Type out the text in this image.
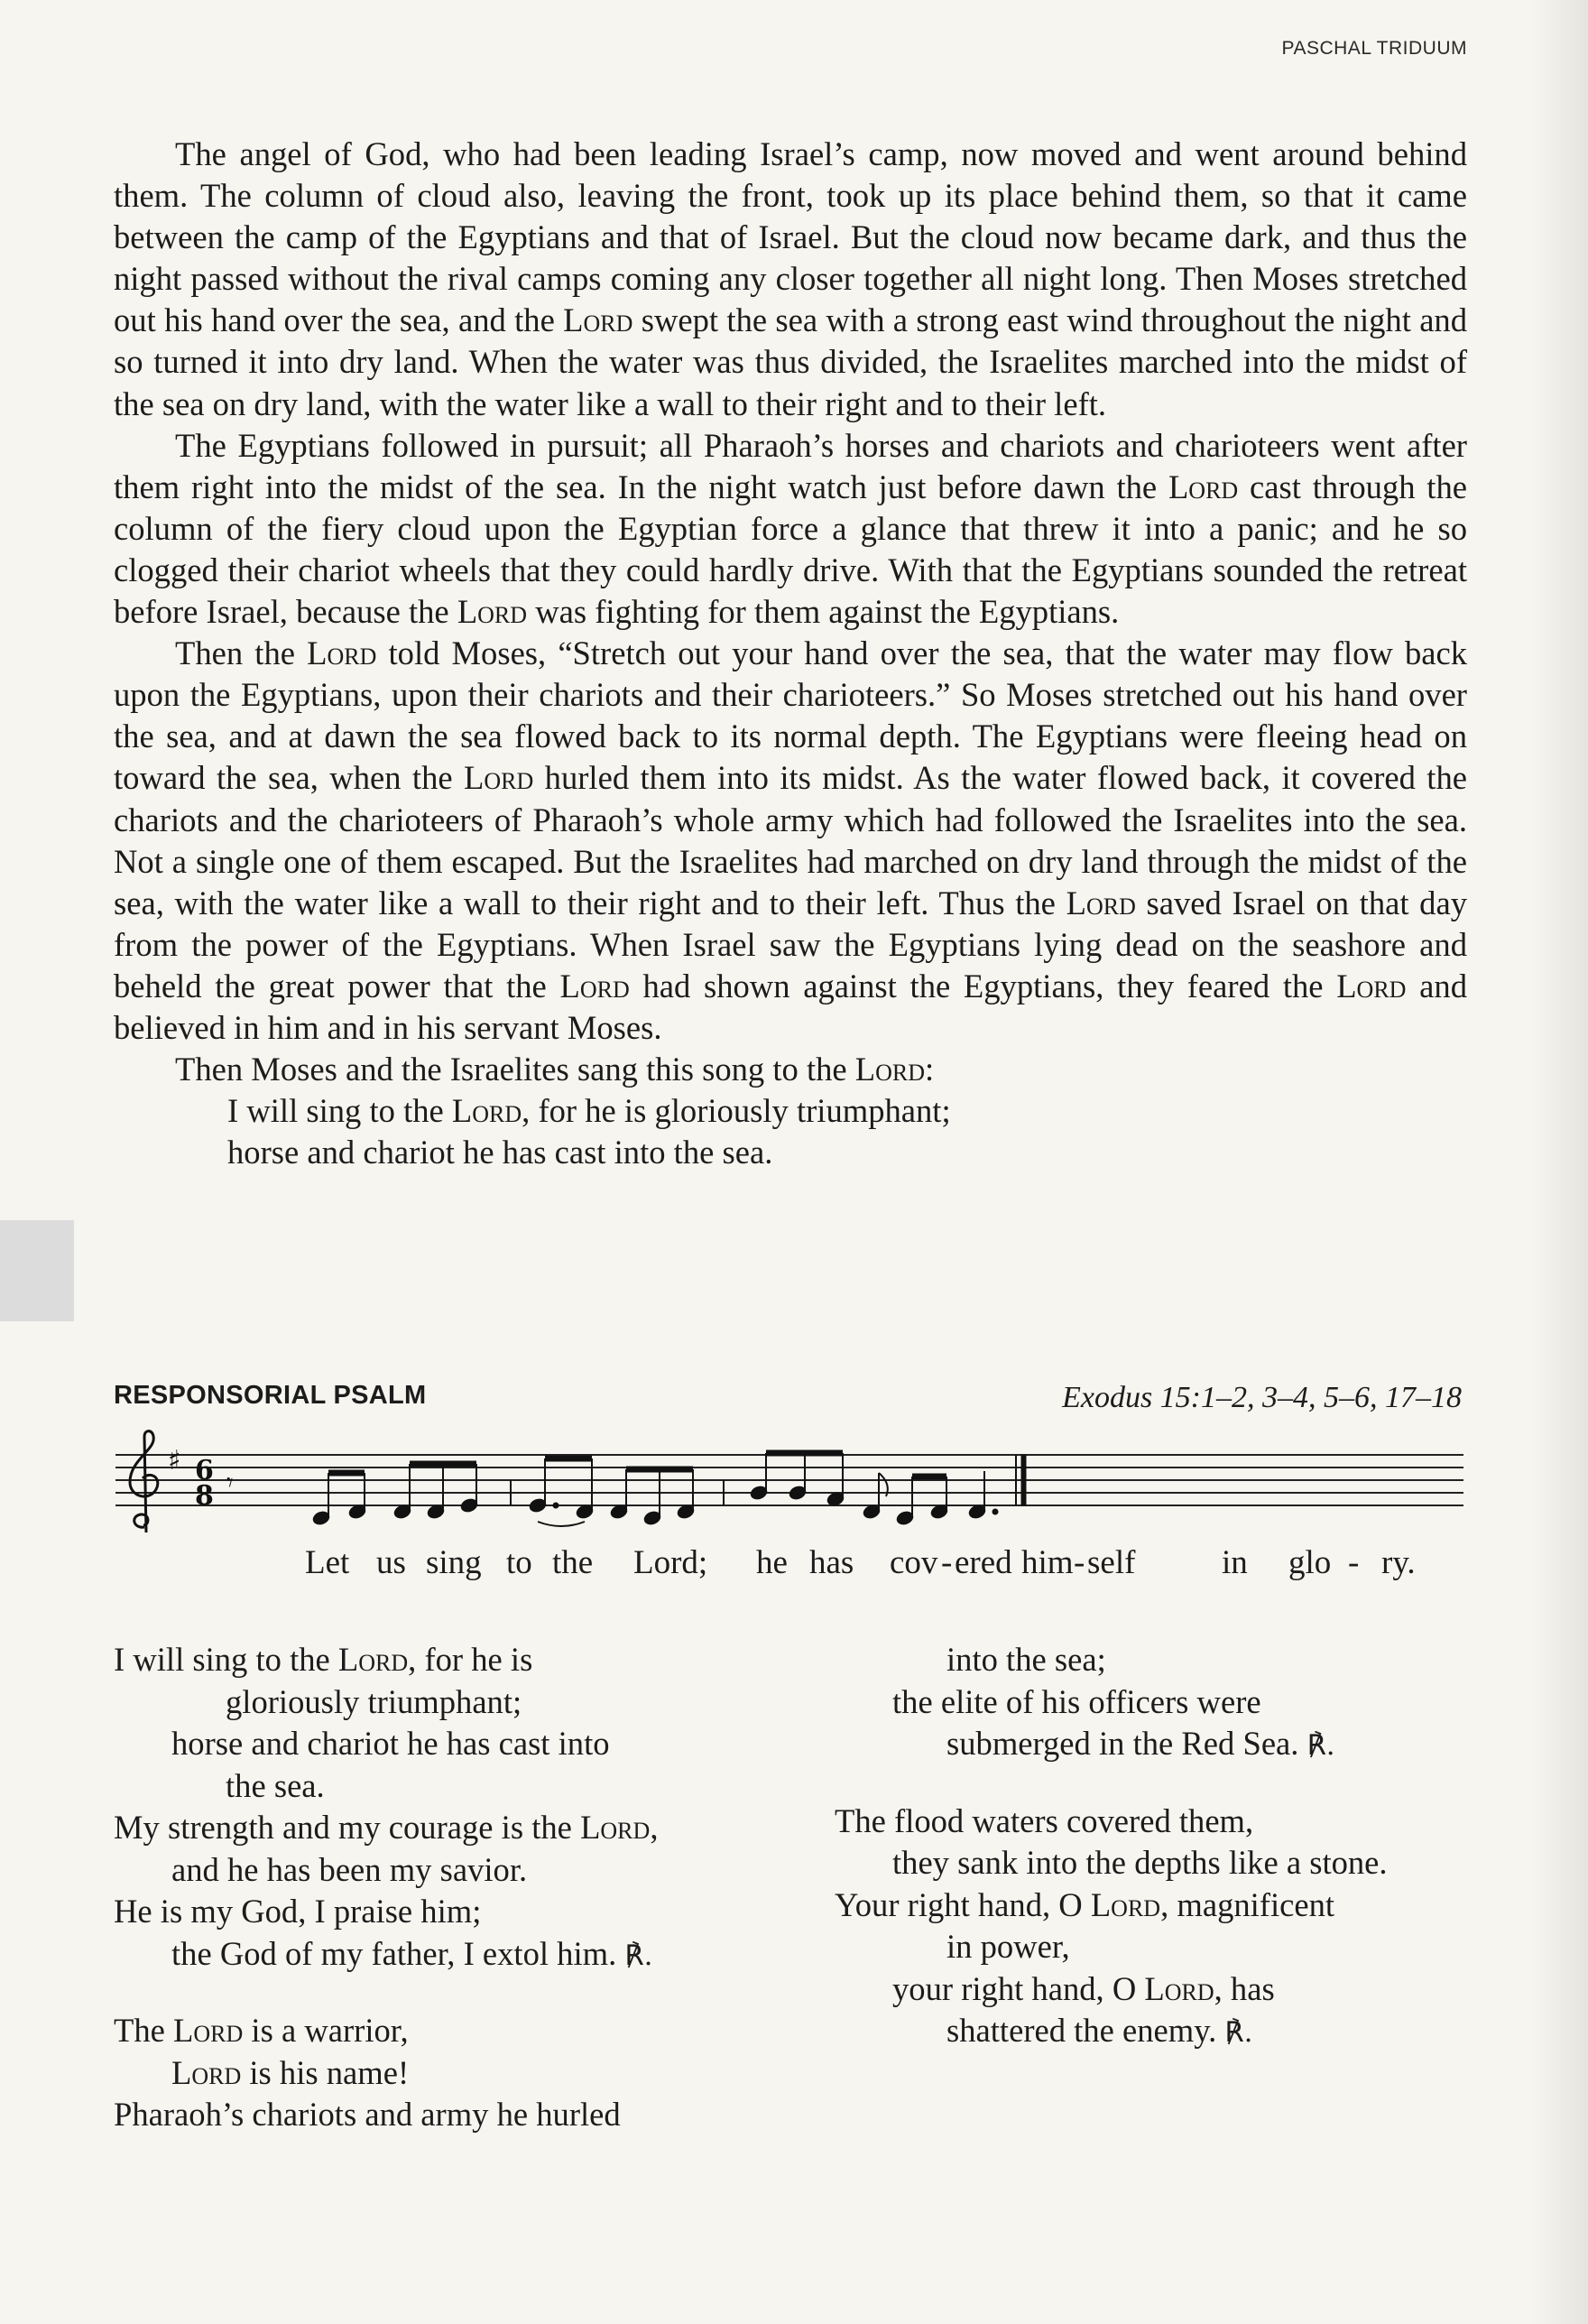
PASCHAL TRIDUUM

The angel of God, who had been leading Israel’s camp, now moved and went around behind them. The column of cloud also, leaving the front, took up its place behind them, so that it came between the camp of the Egyptians and that of Israel. But the cloud now became dark, and thus the night passed without the rival camps coming any closer together all night long. Then Moses stretched out his hand over the sea, and the Lord swept the sea with a strong east wind throughout the night and so turned it into dry land. When the water was thus divided, the Israelites marched into the midst of the sea on dry land, with the water like a wall to their right and to their left.

The Egyptians followed in pursuit; all Pharaoh’s horses and chariots and charioteers went after them right into the midst of the sea. In the night watch just before dawn the Lord cast through the column of the fiery cloud upon the Egyptian force a glance that threw it into a panic; and he so clogged their chariot wheels that they could hardly drive. With that the Egyptians sounded the retreat before Israel, because the Lord was fighting for them against the Egyptians.

Then the Lord told Moses, “Stretch out your hand over the sea, that the water may flow back upon the Egyptians, upon their chariots and their charioteers.” So Moses stretched out his hand over the sea, and at dawn the sea flowed back to its normal depth. The Egyptians were fleeing head on toward the sea, when the Lord hurled them into its midst. As the water flowed back, it covered the chariots and the charioteers of Pharaoh’s whole army which had followed the Israelites into the sea. Not a single one of them escaped. But the Israelites had marched on dry land through the midst of the sea, with the water like a wall to their right and to their left. Thus the Lord saved Israel on that day from the power of the Egyptians. When Israel saw the Egyptians lying dead on the seashore and beheld the great power that the Lord had shown against the Egyptians, they feared the Lord and believed in him and in his servant Moses.

Then Moses and the Israelites sang this song to the Lord:

I will sing to the Lord, for he is gloriously triumphant;

horse and chariot he has cast into the sea.

RESPONSORIAL PSALM	Exodus 15:1–2, 3–4, 5–6, 17–18
♯ 6
8 𝄾
Let us sing to the Lord; he has cov - ered him - self	in glo - ry.

I will sing to the Lord, for he is

gloriously triumphant;

horse and chariot he has cast into

the sea.

My strength and my courage is the Lord,

and he has been my savior.

He is my God, I praise him;

the God of my father, I extol him. ℟.

The Lord is a warrior,

Lord is his name!

Pharaoh’s chariots and army he hurled

into the sea;

the elite of his officers were

submerged in the Red Sea. ℟.

The flood waters covered them,

they sank into the depths like a stone.

Your right hand, O Lord, magnificent

in power,

your right hand, O Lord, has

shattered the enemy. ℟.
